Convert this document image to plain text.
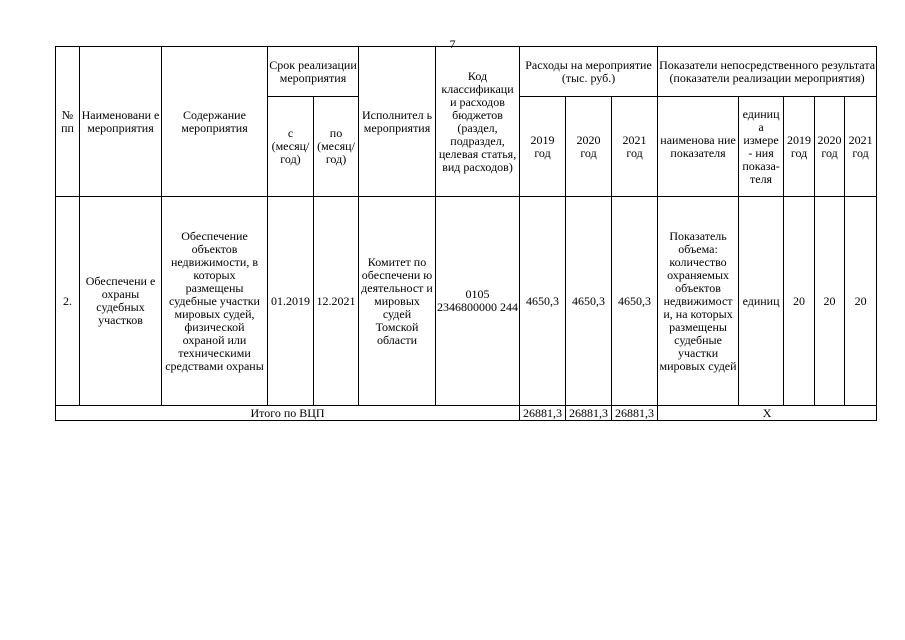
7
№ пп	Наименовани е мероприятия	Содержание мероприятия	Срок реализации мероприятия		Исполнител ь мероприятия	Код классификаци и расходов бюджетов (раздел, подраздел, целевая статья, вид расходов)	Расходы на мероприятие (тыс. руб.)			Показатели непосредственного результата (показатели реализации мероприятия)				
			с (месяц/ год)	по (месяц/ год)			2019 год	2020 год	2021 год	наименова ние показателя	единиц а измере - ния показа- теля	2019 год	2020 год	2021 год
2.	Обеспечени е охраны судебных участков	Обеспечение объектов недвижимости, в которых размещены судебные участки мировых судей, физической охраной или техническими средствами охраны	01.2019	12.2021	Комитет по обеспечени ю деятельност и мировых судей Томской области	0105 2346800000 244	4650,3	4650,3	4650,3	Показатель объема: количество охраняемых объектов недвижимост и, на которых размещены судебные участки мировых судей	единиц	20	20	20
Итого по ВЦП							26881,3	26881,3	26881,3	Х				
